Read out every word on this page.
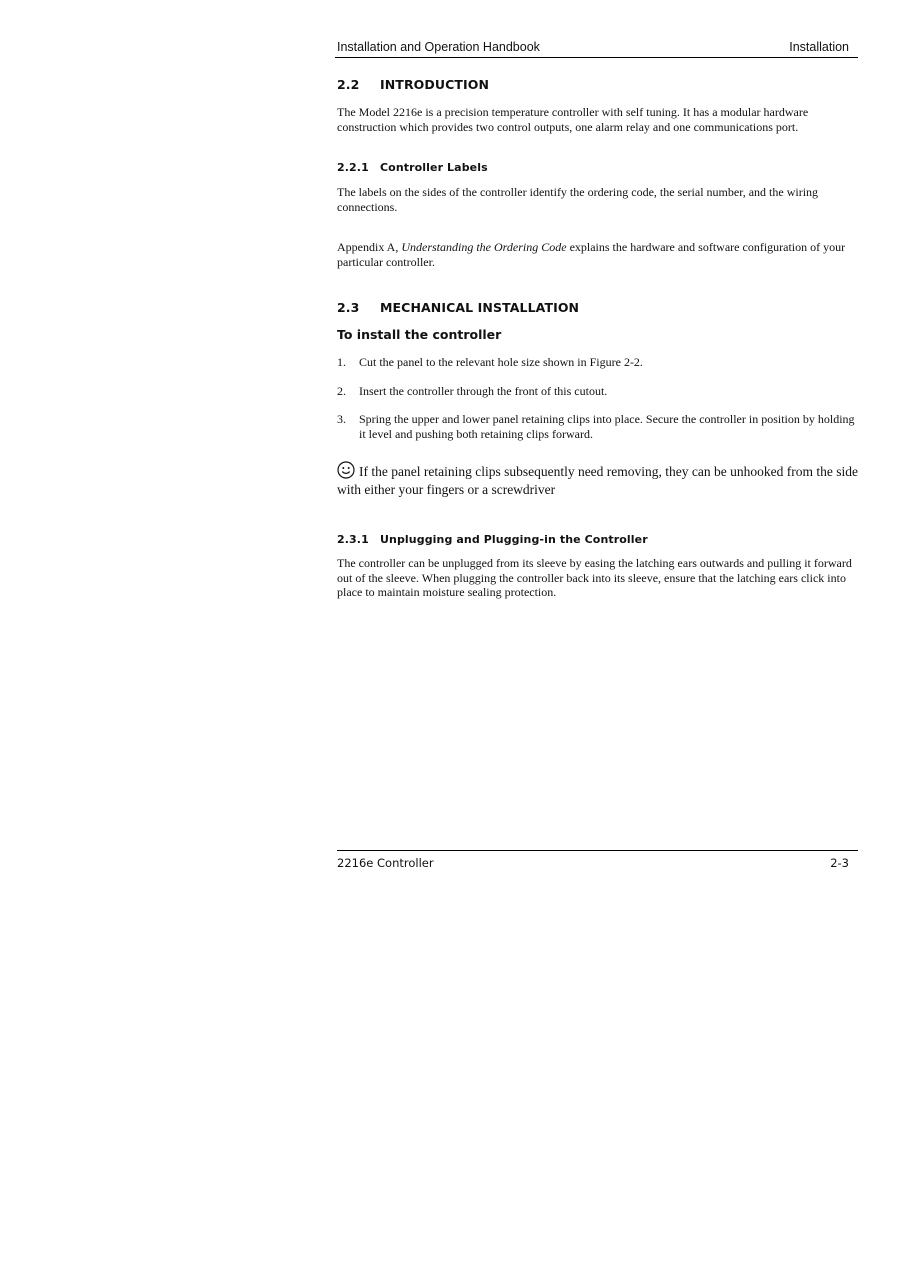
Installation and Operation Handbook	Installation
2.2	INTRODUCTION

The Model 2216e is a precision temperature controller with self tuning. It has a modular hardware construction which provides two control outputs, one alarm relay and one communications port.

2.2.1	Controller Labels

The labels on the sides of the controller identify the ordering code, the serial number, and the wiring connections.

Appendix A, Understanding the Ordering Code explains the hardware and software configuration of your particular controller.

2.3	MECHANICAL INSTALLATION
To install the controller
1.	Cut the panel to the relevant hole size shown in Figure 2-2.
2.	Insert the controller through the front of this cutout.
3.	Spring the upper and lower panel retaining clips into place. Secure the controller in position by holding it level and pushing both retaining clips forward.

If the panel retaining clips subsequently need removing, they can be unhooked from the side with either your fingers or a screwdriver

2.3.1	Unplugging and Plugging-in the Controller

The controller can be unplugged from its sleeve by easing the latching ears outwards and pulling it forward out of the sleeve. When plugging the controller back into its sleeve, ensure that the latching ears click into place to maintain moisture sealing protection.

2216e Controller	2-3
